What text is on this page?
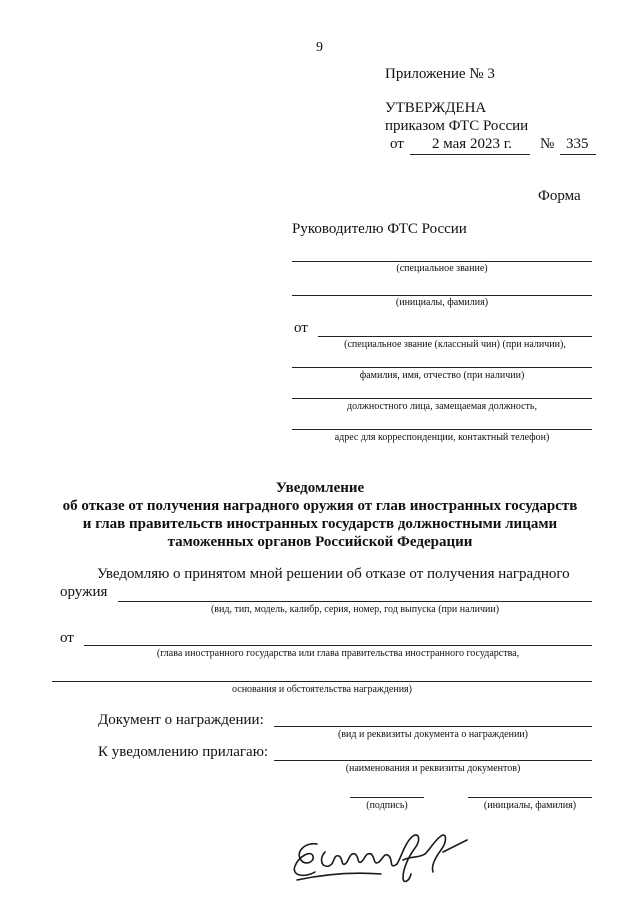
9
Приложение № 3
УТВЕРЖДЕНА
приказом ФТС России
от 2 мая 2023 г. № 335
Форма
Руководителю ФТС России
(специальное звание)
(инициалы, фамилия)
от
(специальное звание (классный чин) (при наличии),
фамилия, имя, отчество (при наличии)
должностного лица, замещаемая должность,
адрес для корреспонденции, контактный телефон)
Уведомление
об отказе от получения наградного оружия от глав иностранных государств
и глав правительств иностранных государств должностными лицами
таможенных органов Российской Федерации
Уведомляю о принятом мной решении об отказе от получения наградного
оружия
(вид, тип, модель, калибр, серия, номер, год выпуска (при наличии)
от
(глава иностранного государства или глава правительства иностранного государства,
основания и обстоятельства награждения)
Документ о награждении:
(вид и реквизиты документа о награждении)
К уведомлению прилагаю:
(наименования и реквизиты документов)
(подпись)	(инициалы, фамилия)
